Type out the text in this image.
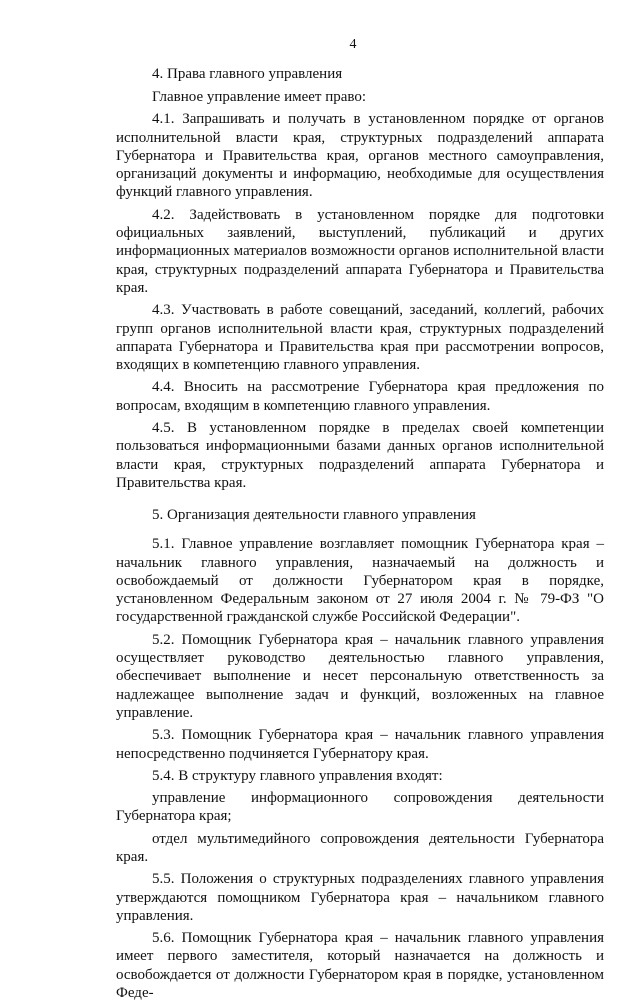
4
4. Права главного управления

Главное управление имеет право:

4.1. Запрашивать и получать в установленном порядке от органов исполнительной власти края, структурных подразделений аппарата Губернатора и Правительства края, органов местного самоуправления, организаций документы и информацию, необходимые для осуществления функций главного управления.

4.2. Задействовать в установленном порядке для подготовки официальных заявлений, выступлений, публикаций и других информационных материалов возможности органов исполнительной власти края, структурных подразделений аппарата Губернатора и Правительства края.

4.3. Участвовать в работе совещаний, заседаний, коллегий, рабочих групп органов исполнительной власти края, структурных подразделений аппарата Губернатора и Правительства края при рассмотрении вопросов, входящих в компетенцию главного управления.

4.4. Вносить на рассмотрение Губернатора края предложения по вопросам, входящим в компетенцию главного управления.

4.5. В установленном порядке в пределах своей компетенции пользоваться информационными базами данных органов исполнительной власти края, структурных подразделений аппарата Губернатора и Правительства края.

5. Организация деятельности главного управления

5.1. Главное управление возглавляет помощник Губернатора края – начальник главного управления, назначаемый на должность и освобождаемый от должности Губернатором края в порядке, установленном Федеральным законом от 27 июля 2004 г. № 79-ФЗ "О государственной гражданской службе Российской Федерации".

5.2. Помощник Губернатора края – начальник главного управления осуществляет руководство деятельностью главного управления, обеспечивает выполнение и несет персональную ответственность за надлежащее выполнение задач и функций, возложенных на главное управление.

5.3. Помощник Губернатора края – начальник главного управления непосредственно подчиняется Губернатору края.

5.4. В структуру главного управления входят:

управление информационного сопровождения деятельности Губернатора края;

отдел мультимедийного сопровождения деятельности Губернатора края.

5.5. Положения о структурных подразделениях главного управления утверждаются помощником Губернатора края – начальником главного управления.

5.6. Помощник Губернатора края – начальник главного управления имеет первого заместителя, который назначается на должность и освобождается от должности Губернатором края в порядке, установленном Феде-
